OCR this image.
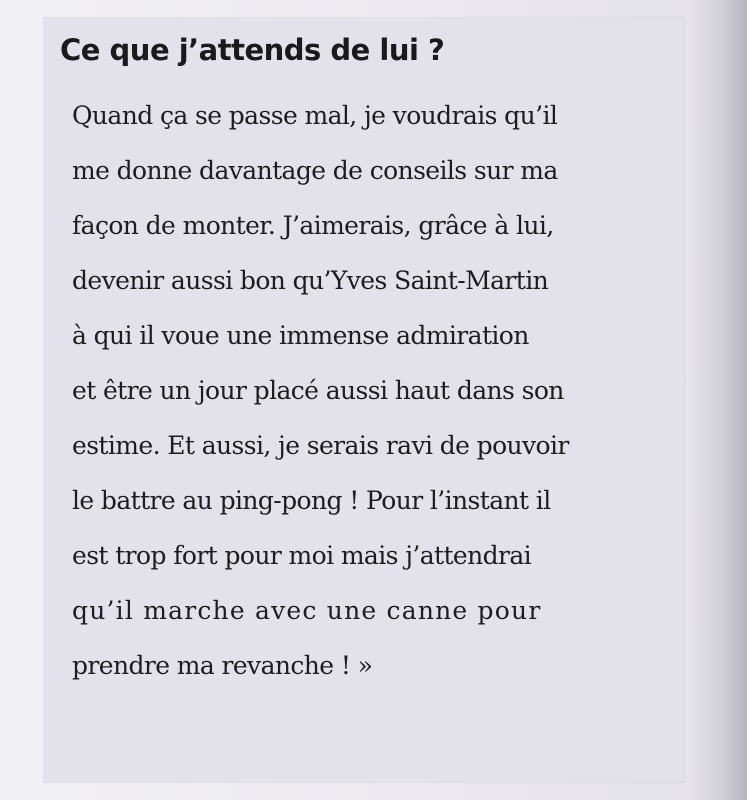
Ce que j’attends de lui ?
Quand ça se passe mal, je voudrais qu’il
me donne davantage de conseils sur ma
façon de monter. J’aimerais, grâce à lui,
devenir aussi bon qu’Yves Saint-Martin
à qui il voue une immense admiration
et être un jour placé aussi haut dans son
estime. Et aussi, je serais ravi de pouvoir
le battre au ping-pong ! Pour l’instant il
est trop fort pour moi mais j’attendrai
qu’il marche avec une canne pour
prendre ma revanche ! »
